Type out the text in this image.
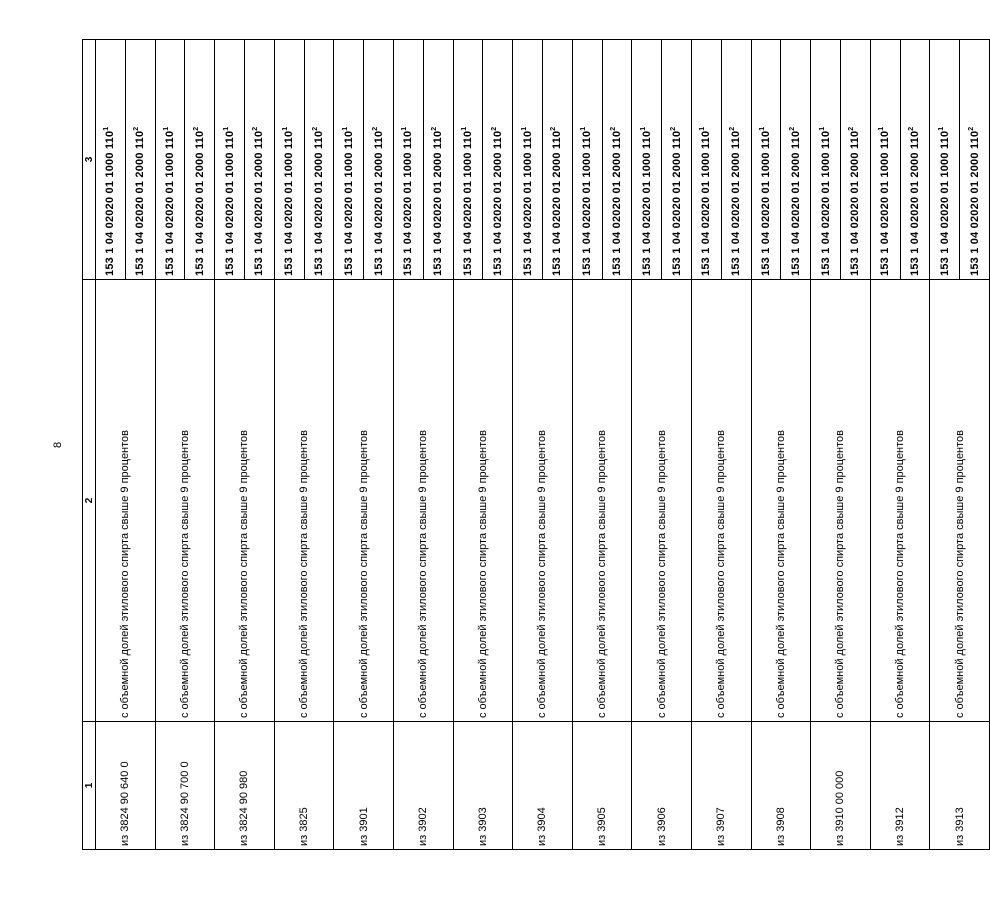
8
1	2	3
из 3824 90 640 0	с объемной долей этилового спирта свыше 9 процентов	153 1 04 02020 01 1000 $110^1$
		153 1 04 02020 01 2000 $110^2$
из 3824 90 700 0	с объемной долей этилового спирта свыше 9 процентов	153 1 04 02020 01 1000 $110^1$
		153 1 04 02020 01 2000 $110^2$
из 3824 90 980	с объемной долей этилового спирта свыше 9 процентов	153 1 04 02020 01 1000 $110^1$
		153 1 04 02020 01 2000 $110^2$
из 3825	с объемной долей этилового спирта свыше 9 процентов	153 1 04 02020 01 1000 $110^1$
		153 1 04 02020 01 2000 $110^2$
из 3901	с объемной долей этилового спирта свыше 9 процентов	153 1 04 02020 01 1000 $110^1$
		153 1 04 02020 01 2000 $110^2$
из 3902	с объемной долей этилового спирта свыше 9 процентов	153 1 04 02020 01 1000 $110^1$
		153 1 04 02020 01 2000 $110^2$
из 3903	с объемной долей этилового спирта свыше 9 процентов	153 1 04 02020 01 1000 $110^1$
		153 1 04 02020 01 2000 $110^2$
из 3904	с объемной долей этилового спирта свыше 9 процентов	153 1 04 02020 01 1000 $110^1$
		153 1 04 02020 01 2000 $110^2$
из 3905	с объемной долей этилового спирта свыше 9 процентов	153 1 04 02020 01 1000 $110^1$
		153 1 04 02020 01 2000 $110^2$
из 3906	с объемной долей этилового спирта свыше 9 процентов	153 1 04 02020 01 1000 $110^1$
		153 1 04 02020 01 2000 $110^2$
из 3907	с объемной долей этилового спирта свыше 9 процентов	153 1 04 02020 01 1000 $110^1$
		153 1 04 02020 01 2000 $110^2$
из 3908	с объемной долей этилового спирта свыше 9 процентов	153 1 04 02020 01 1000 $110^1$
		153 1 04 02020 01 2000 $110^2$
из 3910 00 000	с объемной долей этилового спирта свыше 9 процентов	153 1 04 02020 01 1000 $110^1$
		153 1 04 02020 01 2000 $110^2$
из 3912	с объемной долей этилового спирта свыше 9 процентов	153 1 04 02020 01 1000 $110^1$
		153 1 04 02020 01 2000 $110^2$
из 3913	с объемной долей этилового спирта свыше 9 процентов	153 1 04 02020 01 1000 $110^1$
		153 1 04 02020 01 2000 $110^2$
